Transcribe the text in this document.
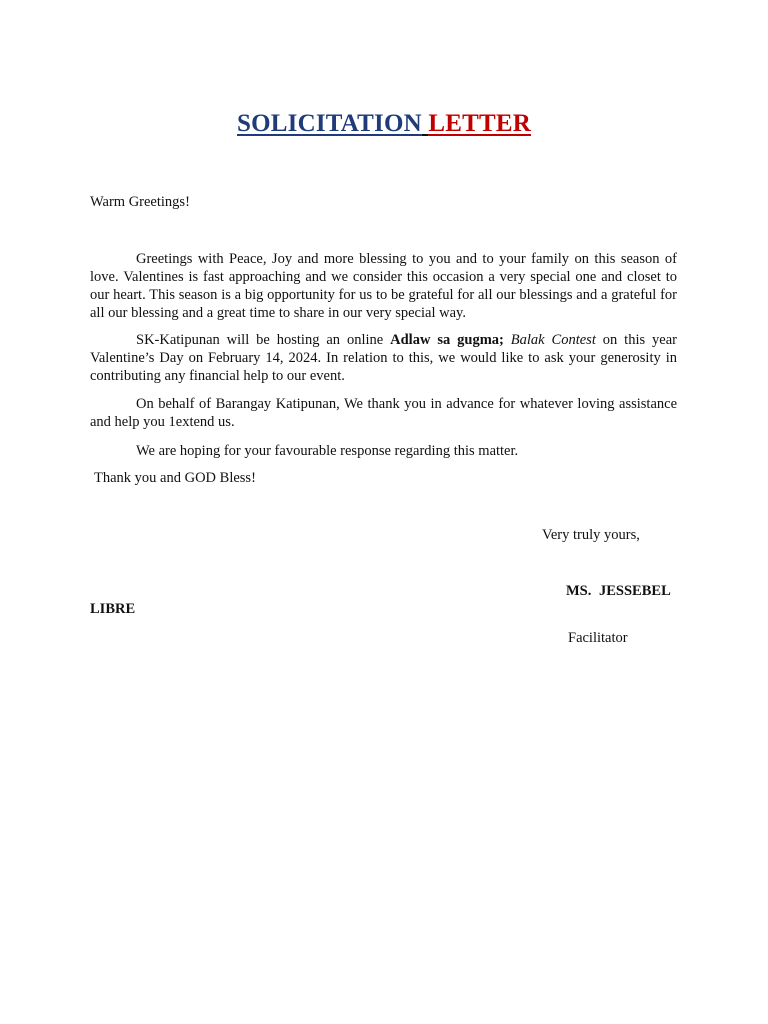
SOLICITATION LETTER
Warm Greetings!

Greetings with Peace, Joy and more blessing to you and to your family on this season of love. Valentines is fast approaching and we consider this occasion a very special one and closet to our heart. This season is a big opportunity for us to be grateful for all our blessings and a grateful for all our blessing and a great time to share in our very special way.

SK-Katipunan will be hosting an online Adlaw sa gugma; Balak Contest on this year Valentine’s Day on February 14, 2024. In relation to this, we would like to ask your generosity in contributing any financial help to our event.

On behalf of Barangay Katipunan, We thank you in advance for whatever loving assistance and help you 1extend us.

We are hoping for your favourable response regarding this matter.

Thank you and GOD Bless!
Very truly yours,
MS. JESSEBEL
LIBRE
Facilitator
